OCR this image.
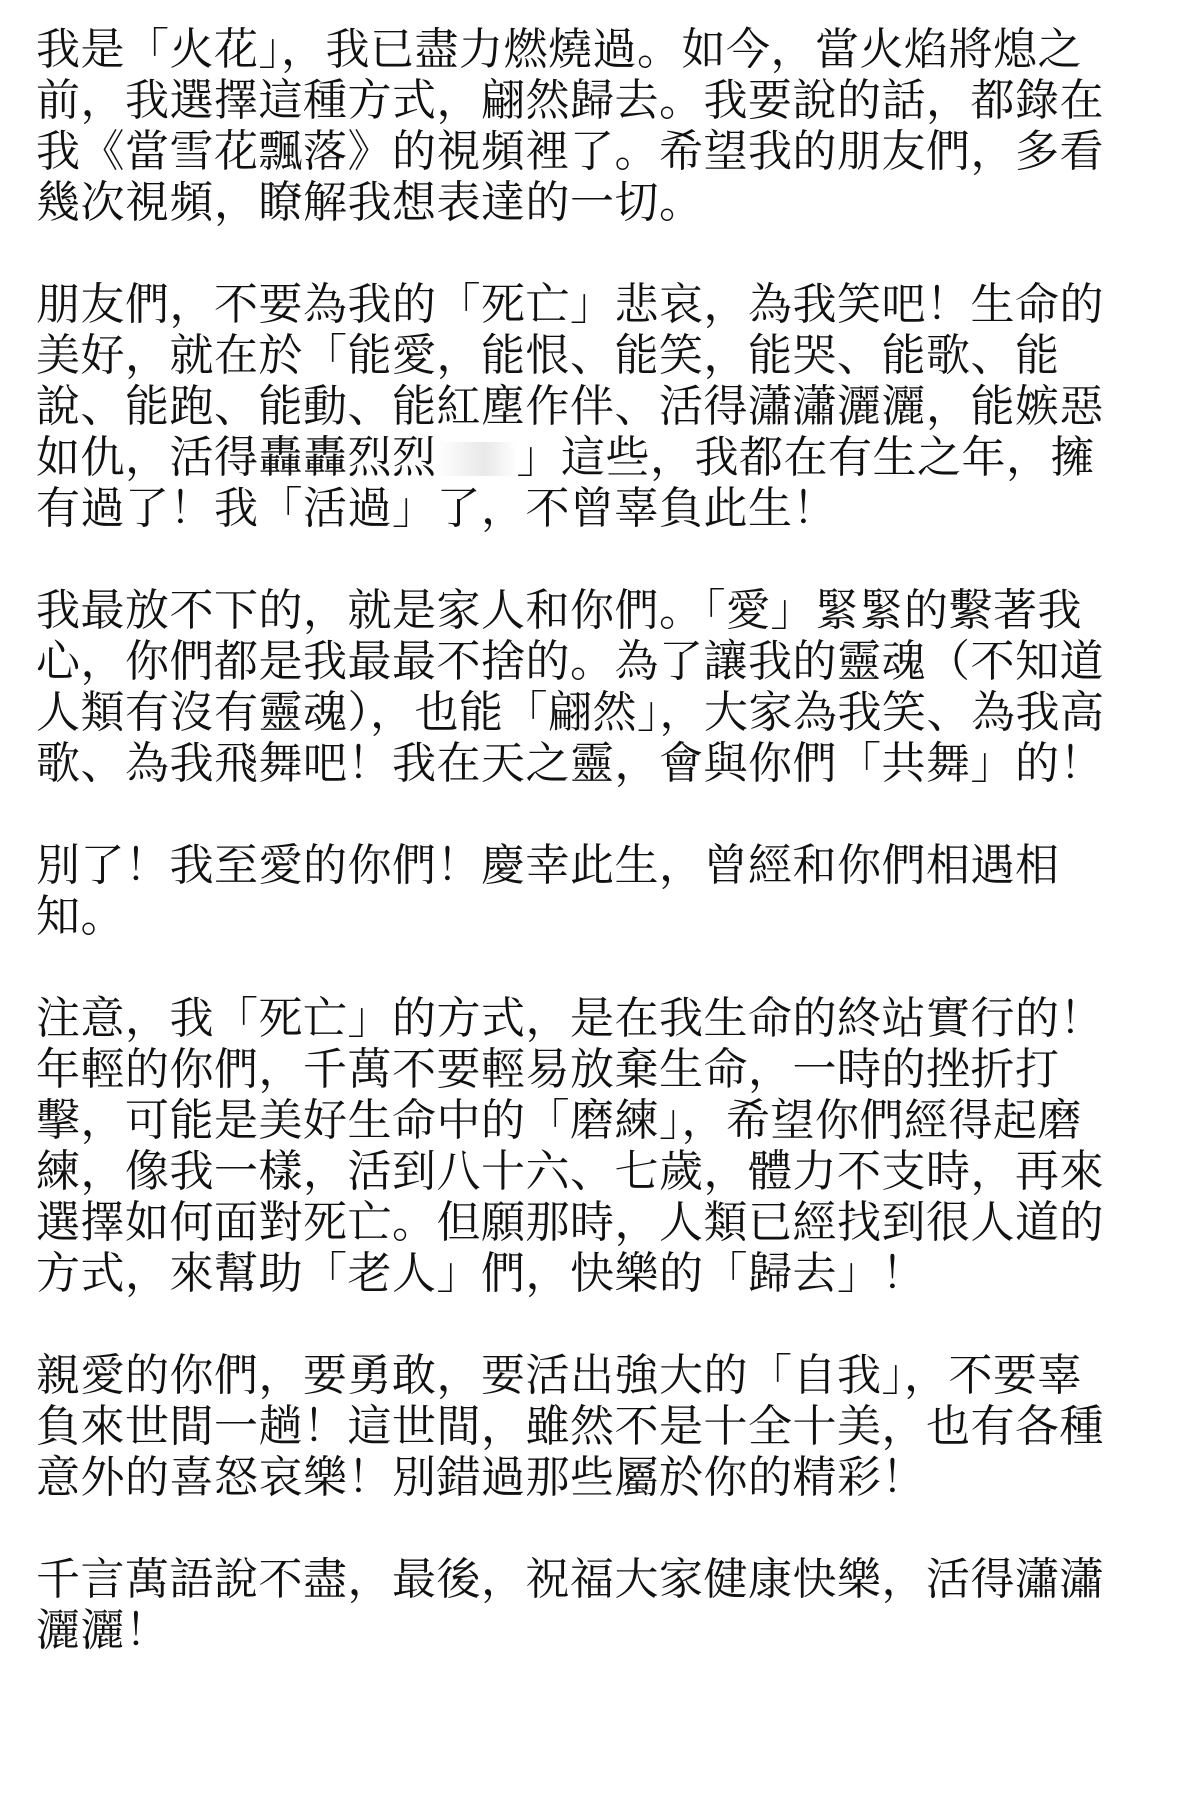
我是「火花」，我已盡力燃燒過。如今，當火焰將熄之
前，我選擇這種方式，翩然歸去。我要說的話，都錄在
我《當雪花飄落》的視頻裡了。希望我的朋友們，多看
幾次視頻，瞭解我想表達的一切。
朋友們，不要為我的「死亡」悲哀，為我笑吧！生命的
美好，就在於「能愛，能恨、能笑，能哭、能歌、能
說、能跑、能動、能紅塵作伴、活得瀟瀟灑灑，能嫉惡
如仇，活得轟轟烈烈 」這些，我都在有生之年，擁
有過了！我「活過」了，不曾辜負此生！
我最放不下的，就是家人和你們。「愛」緊緊的繫著我
心，你們都是我最最不捨的。為了讓我的靈魂（不知道
人類有沒有靈魂），也能「翩然」，大家為我笑、為我高
歌、為我飛舞吧！我在天之靈，會與你們「共舞」的！
別了！我至愛的你們！慶幸此生，曾經和你們相遇相
知。
注意，我「死亡」的方式，是在我生命的終站實行的！
年輕的你們，千萬不要輕易放棄生命，一時的挫折打
擊，可能是美好生命中的「磨練」，希望你們經得起磨
練，像我一樣，活到八十六、七歲，體力不支時，再來
選擇如何面對死亡。但願那時，人類已經找到很人道的
方式，來幫助「老人」們，快樂的「歸去」！
親愛的你們，要勇敢，要活出強大的「自我」，不要辜
負來世間一趟！這世間，雖然不是十全十美，也有各種
意外的喜怒哀樂！別錯過那些屬於你的精彩！
千言萬語說不盡，最後，祝福大家健康快樂，活得瀟瀟
灑灑！
